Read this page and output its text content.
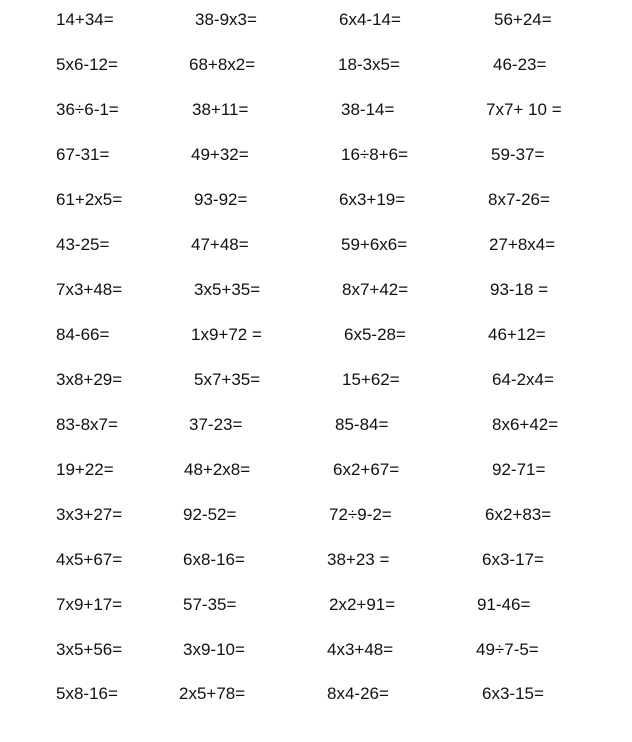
14+34=	38-9x3=	6x4-14=	56+24=
5x6-12=	68+8x2=	18-3x5=	46-23=
36÷6-1=	38+11=	38-14=	7x7+ 10 =
67-31=	49+32=	16÷8+6=	59-37=
61+2x5=	93-92=	6x3+19=	8x7-26=
43-25=	47+48=	59+6x6=	27+8x4=
7x3+48=	3x5+35=	8x7+42=	93-18 =
84-66=	1x9+72 =	6x5-28=	46+12=
3x8+29=	5x7+35=	15+62=	64-2x4=
83-8x7=	37-23=	85-84=	8x6+42=
19+22=	48+2x8=	6x2+67=	92-71=
3x3+27=	92-52=	72÷9-2=	6x2+83=
4x5+67=	6x8-16=	38+23 =	6x3-17=
7x9+17=	57-35=	2x2+91=	91-46=
3x5+56=	3x9-10=	4x3+48=	49÷7-5=
5x8-16=	2x5+78=	8x4-26=	6x3-15=
